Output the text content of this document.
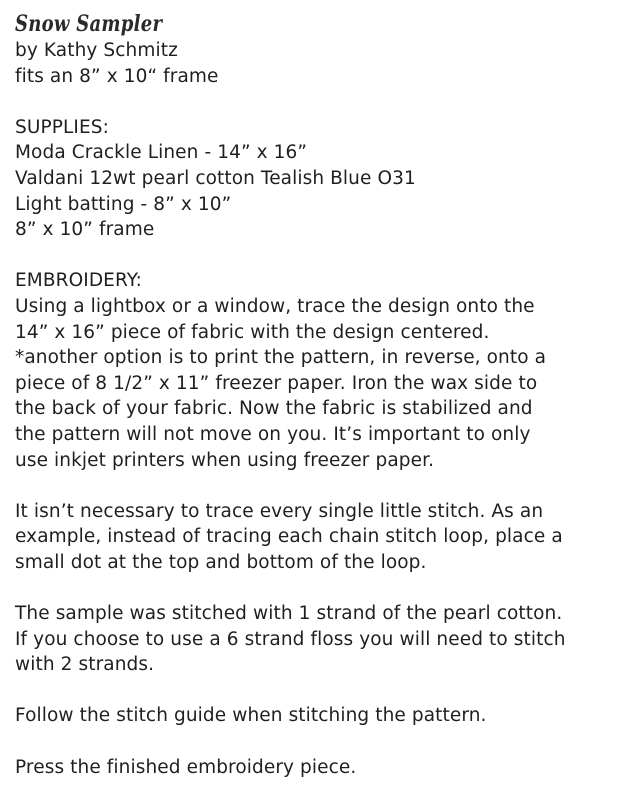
Snow Sampler

by Kathy Schmitz

fits an 8” x 10“ frame

SUPPLIES:

Moda Crackle Linen - 14” x 16”

Valdani 12wt pearl cotton Tealish Blue O31

Light batting - 8” x 10”

8” x 10” frame

EMBROIDERY:

Using a lightbox or a window, trace the design onto the

14” x 16” piece of fabric with the design centered.

*another option is to print the pattern, in reverse, onto a

piece of 8 1/2” x 11” freezer paper. Iron the wax side to

the back of your fabric. Now the fabric is stabilized and

the pattern will not move on you. It’s important to only

use inkjet printers when using freezer paper.

It isn’t necessary to trace every single little stitch. As an

example, instead of tracing each chain stitch loop, place a

small dot at the top and bottom of the loop.

The sample was stitched with 1 strand of the pearl cotton.

If you choose to use a 6 strand floss you will need to stitch

with 2 strands.

Follow the stitch guide when stitching the pattern.

Press the finished embroidery piece.
